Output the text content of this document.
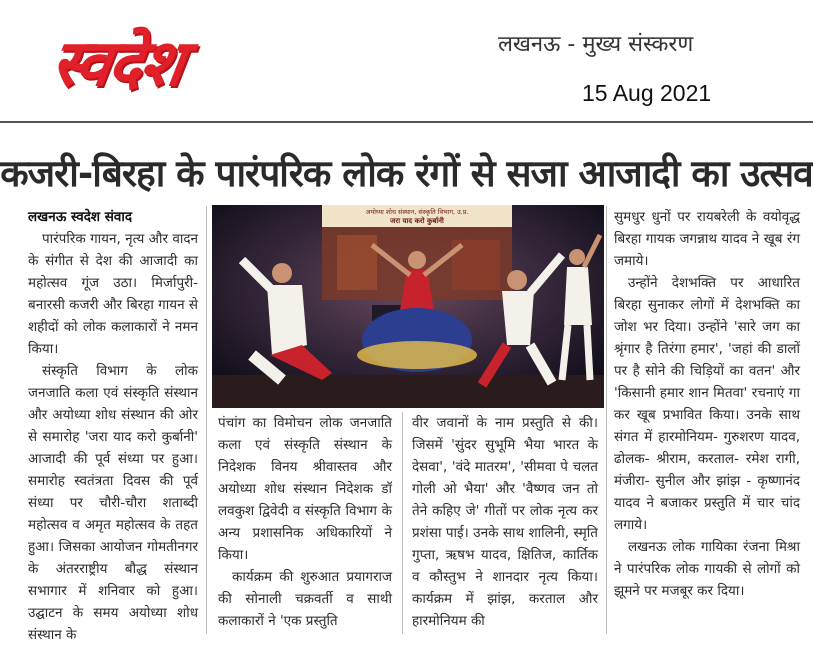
स्वदेश	लखनऊ - मुख्य संस्करण
15 Aug 2021
कजरी-बिरहा के पारंपरिक लोक रंगों से सजा आजादी का उत्सव

लखनऊ स्वदेश संवाद

पारंपरिक गायन, नृत्य और वादन के संगीत से देश की आजादी का महोत्सव गूंज उठा। मिर्जापुरी-बनारसी कजरी और बिरहा गायन से शहीदों को लोक कलाकारों ने नमन किया।

संस्कृति विभाग के लोक जनजाति कला एवं संस्कृति संस्थान और अयोध्या शोध संस्थान की ओर से समारोह 'जरा याद करो कुर्बानी' आजादी की पूर्व संध्या पर हुआ। समारोह स्वतंत्रता दिवस की पूर्व संध्या पर चौरी-चौरा शताब्दी महोत्सव व अमृत महोत्सव के तहत हुआ। जिसका आयोजन गोमतीनगर के अंतरराष्ट्रीय बौद्ध संस्थान सभागार में शनिवार को हुआ। उद्घाटन के समय अयोध्या शोध संस्थान के

अयोध्या शोध संस्थान, संस्कृति विभाग, उ.प्र.
जरा याद करो कुर्बानी

पंचांग का विमोचन लोक जनजाति कला एवं संस्कृति संस्थान के निदेशक विनय श्रीवास्तव और अयोध्या शोध संस्थान निदेशक डॉ लवकुश द्विवेदी व संस्कृति विभाग के अन्य प्रशासनिक अधिकारियों ने किया।

कार्यक्रम की शुरुआत प्रयागराज की सोनाली चक्रवर्ती व साथी कलाकारों ने 'एक प्रस्तुति

वीर जवानों के नाम प्रस्तुति से की। जिसमें 'सुंदर सुभूमि भैया भारत के देसवा', 'वंदे मातरम', 'सीमवा पे चलत गोली ओ भैया' और 'वैष्णव जन तो तेने कहिए जे' गीतों पर लोक नृत्य कर प्रशंसा पाई। उनके साथ शालिनी, स्मृति गुप्ता, ऋषभ यादव, क्षितिज, कार्तिक व कौस्तुभ ने शानदार नृत्य किया। कार्यक्रम में झांझ, करताल और हारमोनियम की

सुमधुर धुनों पर रायबरेली के वयोवृद्ध बिरहा गायक जगन्नाथ यादव ने खूब रंग जमाये।

उन्होंने देशभक्ति पर आधारित बिरहा सुनाकर लोगों में देशभक्ति का जोश भर दिया। उन्होंने 'सारे जग का श्रृंगार है तिरंगा हमार', 'जहां की डालों पर है सोने की चिड़ियों का वतन' और 'किसानी हमार शान मितवा' रचनाएं गा कर खूब प्रभावित किया। उनके साथ संगत में हारमोनियम- गुरुशरण यादव, ढोलक- श्रीराम, करताल- रमेश रागी, मंजीरा- सुनील और झांझ - कृष्णानंद यादव ने बजाकर प्रस्तुति में चार चांद लगाये।

लखनऊ लोक गायिका रंजना मिश्रा ने पारंपरिक लोक गायकी से लोगों को झूमने पर मजबूर कर दिया।
